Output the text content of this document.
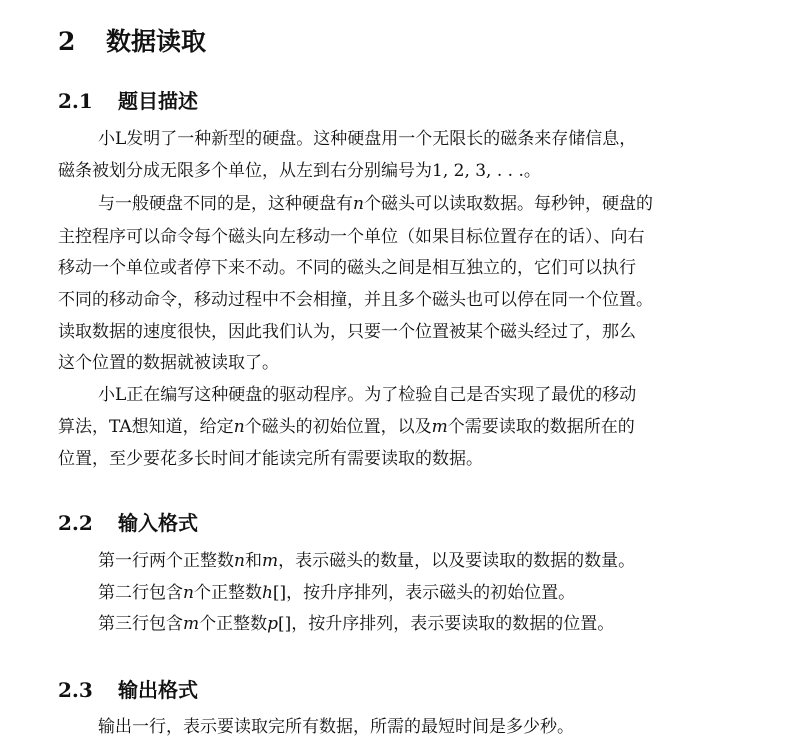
2 数据读取
2.1 题目描述
小L发明了一种新型的硬盘。这种硬盘用一个无限长的磁条来存储信息，
磁条被划分成无限多个单位，从左到右分别编号为1, 2, 3, . . .。
与一般硬盘不同的是，这种硬盘有n个磁头可以读取数据。每秒钟，硬盘的
主控程序可以命令每个磁头向左移动一个单位（如果目标位置存在的话）、向右
移动一个单位或者停下来不动。不同的磁头之间是相互独立的，它们可以执行
不同的移动命令，移动过程中不会相撞，并且多个磁头也可以停在同一个位置。
读取数据的速度很快，因此我们认为，只要一个位置被某个磁头经过了，那么
这个位置的数据就被读取了。
小L正在编写这种硬盘的驱动程序。为了检验自己是否实现了最优的移动
算法，TA想知道，给定n个磁头的初始位置，以及m个需要读取的数据所在的
位置，至少要花多长时间才能读完所有需要读取的数据。
2.2 输入格式
第一行两个正整数n和m，表示磁头的数量，以及要读取的数据的数量。
第二行包含n个正整数h[]，按升序排列，表示磁头的初始位置。
第三行包含m个正整数p[]，按升序排列，表示要读取的数据的位置。
2.3 输出格式
输出一行，表示要读取完所有数据，所需的最短时间是多少秒。
